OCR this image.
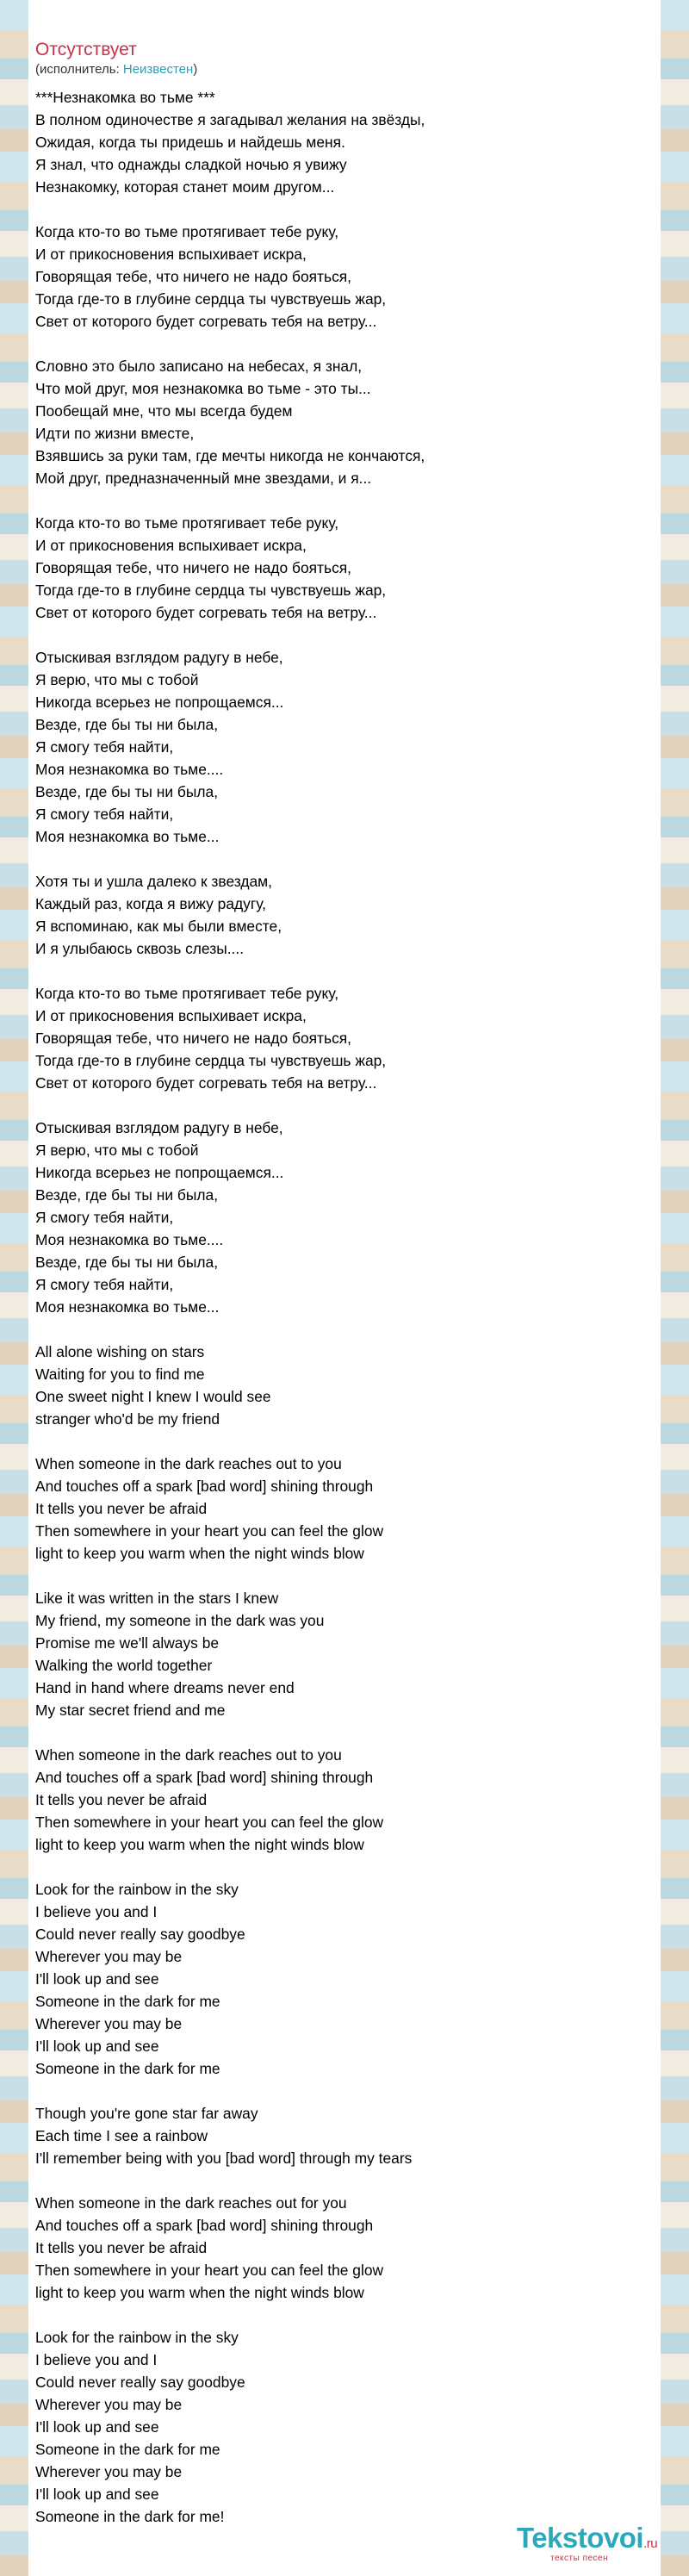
Отсутствует
(исполнитель: Неизвестен)
***Незнакомка во тьме ***
В полном одиночестве я загадывал желания на звёзды,
Ожидая, когда ты придешь и найдешь меня.
Я знал, что однажды сладкой ночью я увижу
Незнакомку, которая станет моим другом...
Когда кто-то во тьме протягивает тебе руку,
И от прикосновения вспыхивает искра,
Говорящая тебе, что ничего не надо бояться,
Тогда где-то в глубине сердца ты чувствуешь жар,
Свет от которого будет согревать тебя на ветру...
Словно это было записано на небесах, я знал,
Что мой друг, моя незнакомка во тьме - это ты...
Пообещай мне, что мы всегда будем
Идти по жизни вместе,
Взявшись за руки там, где мечты никогда не кончаются,
Мой друг, предназначенный мне звездами, и я...
Когда кто-то во тьме протягивает тебе руку,
И от прикосновения вспыхивает искра,
Говорящая тебе, что ничего не надо бояться,
Тогда где-то в глубине сердца ты чувствуешь жар,
Свет от которого будет согревать тебя на ветру...
Отыскивая взглядом радугу в небе,
Я верю, что мы с тобой
Никогда всерьез не попрощаемся...
Везде, где бы ты ни была,
Я смогу тебя найти,
Моя незнакомка во тьме....
Везде, где бы ты ни была,
Я смогу тебя найти,
Моя незнакомка во тьме...
Хотя ты и ушла далеко к звездам,
Каждый раз, когда я вижу радугу,
Я вспоминаю, как мы были вместе,
И я улыбаюсь сквозь слезы....
Когда кто-то во тьме протягивает тебе руку,
И от прикосновения вспыхивает искра,
Говорящая тебе, что ничего не надо бояться,
Тогда где-то в глубине сердца ты чувствуешь жар,
Свет от которого будет согревать тебя на ветру...
Отыскивая взглядом радугу в небе,
Я верю, что мы с тобой
Никогда всерьез не попрощаемся...
Везде, где бы ты ни была,
Я смогу тебя найти,
Моя незнакомка во тьме....
Везде, где бы ты ни была,
Я смогу тебя найти,
Моя незнакомка во тьме...
All alone wishing on stars
Waiting for you to find me
One sweet night I knew I would see
stranger who'd be my friend
When someone in the dark reaches out to you
And touches off a spark [bad word] shining through
It tells you never be afraid
Then somewhere in your heart you can feel the glow
light to keep you warm when the night winds blow
Like it was written in the stars I knew
My friend, my someone in the dark was you
Promise me we'll always be
Walking the world together
Hand in hand where dreams never end
My star secret friend and me
When someone in the dark reaches out to you
And touches off a spark [bad word] shining through
It tells you never be afraid
Then somewhere in your heart you can feel the glow
light to keep you warm when the night winds blow
Look for the rainbow in the sky
I believe you and I
Could never really say goodbye
Wherever you may be
I'll look up and see
Someone in the dark for me
Wherever you may be
I'll look up and see
Someone in the dark for me
Though you're gone star far away
Each time I see a rainbow
I'll remember being with you [bad word] through my tears
When someone in the dark reaches out for you
And touches off a spark [bad word] shining through
It tells you never be afraid
Then somewhere in your heart you can feel the glow
light to keep you warm when the night winds blow
Look for the rainbow in the sky
I believe you and I
Could never really say goodbye
Wherever you may be
I'll look up and see
Someone in the dark for me
Wherever you may be
I'll look up and see
Someone in the dark for me!
Tekstovoi.ru
тексты песен
